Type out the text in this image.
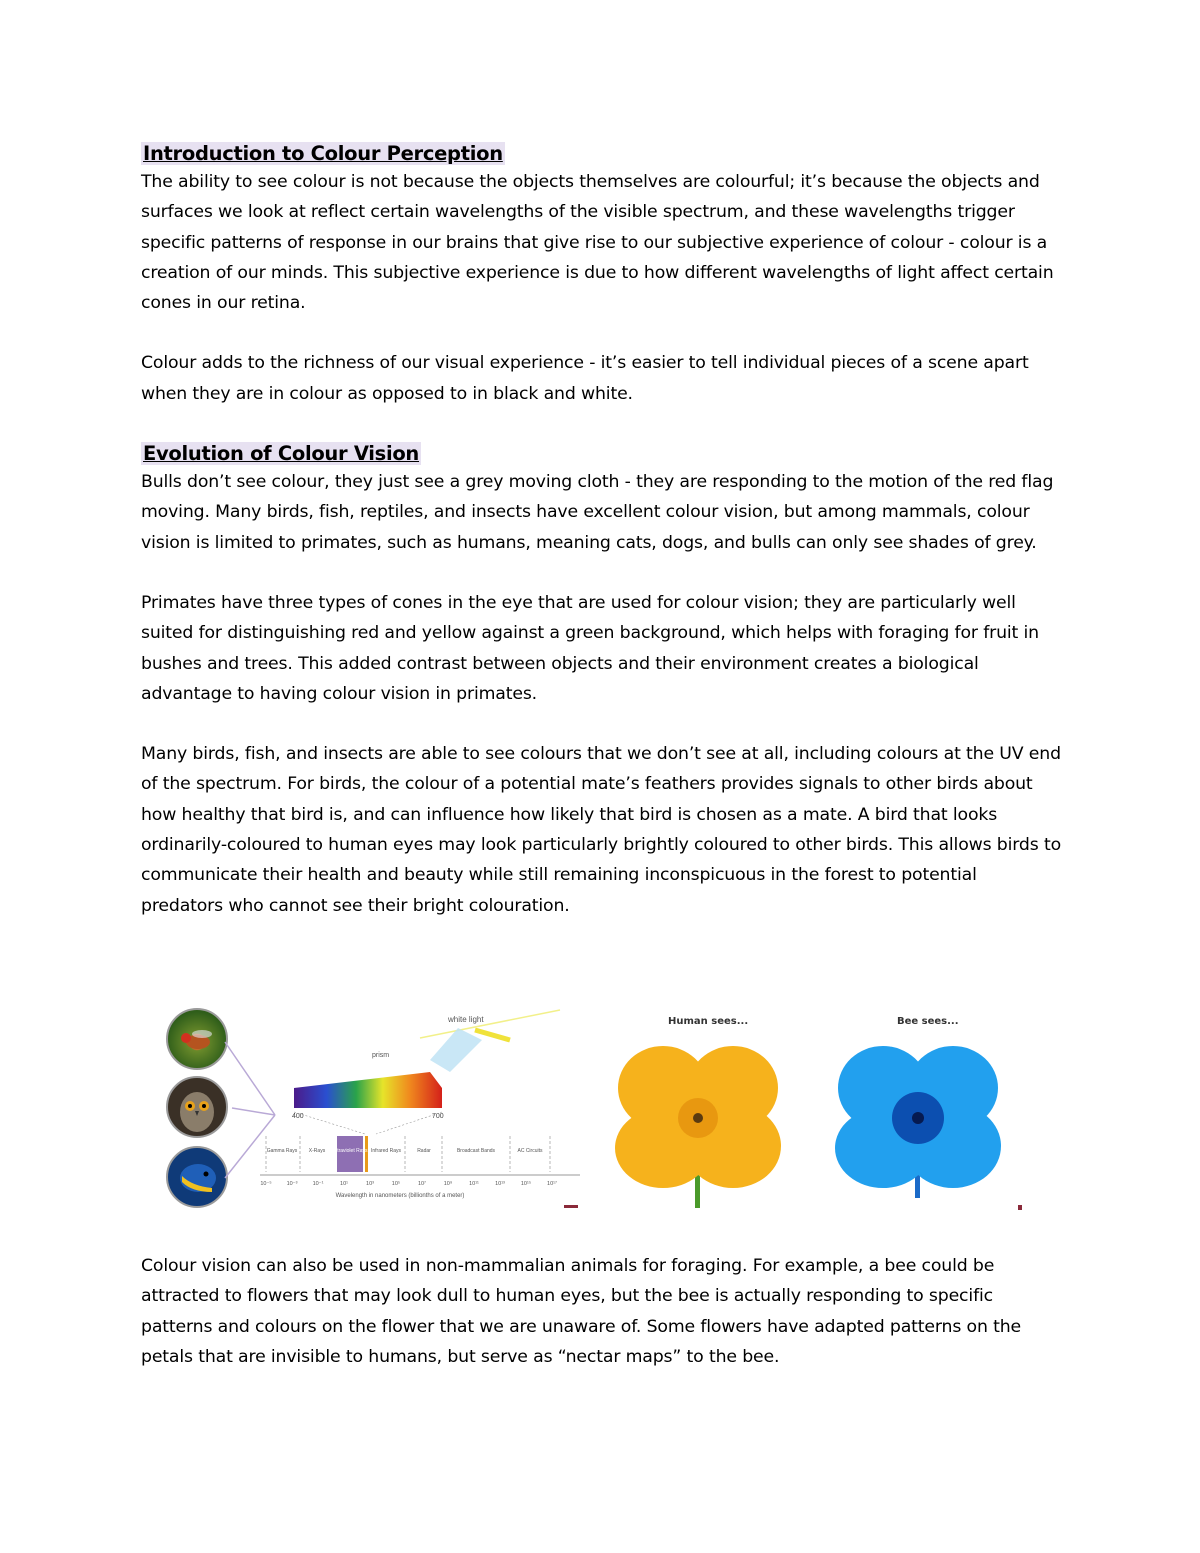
Introduction to Colour Perception

The ability to see colour is not because the objects themselves are colourful; it’s because the objects and surfaces we look at reflect certain wavelengths of the visible spectrum, and these wavelengths trigger specific patterns of response in our brains that give rise to our subjective experience of colour - colour is a creation of our minds. This subjective experience is due to how different wavelengths of light affect certain cones in our retina.

Colour adds to the richness of our visual experience - it’s easier to tell individual pieces of a scene apart when they are in colour as opposed to in black and white.

Evolution of Colour Vision

Bulls don’t see colour, they just see a grey moving cloth - they are responding to the motion of the red flag moving. Many birds, fish, reptiles, and insects have excellent colour vision, but among mammals, colour vision is limited to primates, such as humans, meaning cats, dogs, and bulls can only see shades of grey.

Primates have three types of cones in the eye that are used for colour vision; they are particularly well suited for distinguishing red and yellow against a green background, which helps with foraging for fruit in bushes and trees. This added contrast between objects and their environment creates a biological advantage to having colour vision in primates.

Many birds, fish, and insects are able to see colours that we don’t see at all, including colours at the UV end of the spectrum. For birds, the colour of a potential mate’s feathers provides signals to other birds about how healthy that bird is, and can influence how likely that bird is chosen as a mate. A bird that looks ordinarily-coloured to human eyes may look particularly brightly coloured to other birds. This allows birds to communicate their health and beauty while still remaining inconspicuous in the forest to potential predators who cannot see their bright colouration.

white light
prism
400	700
Gamma Rays X-Rays Ultraviolet Rays Infrared Rays	Radar	Broadcast Bands	AC Circuits
10⁻⁵	10⁻³	10⁻¹	10¹	10³	10⁵	10⁷	10⁹	10¹¹	10¹³	10¹⁵	10¹⁷
Wavelength in nanometers (billionths of a meter)
Human sees...	Bee sees...

Colour vision can also be used in non-mammalian animals for foraging. For example, a bee could be attracted to flowers that may look dull to human eyes, but the bee is actually responding to specific patterns and colours on the flower that we are unaware of. Some flowers have adapted patterns on the petals that are invisible to humans, but serve as “nectar maps” to the bee.
